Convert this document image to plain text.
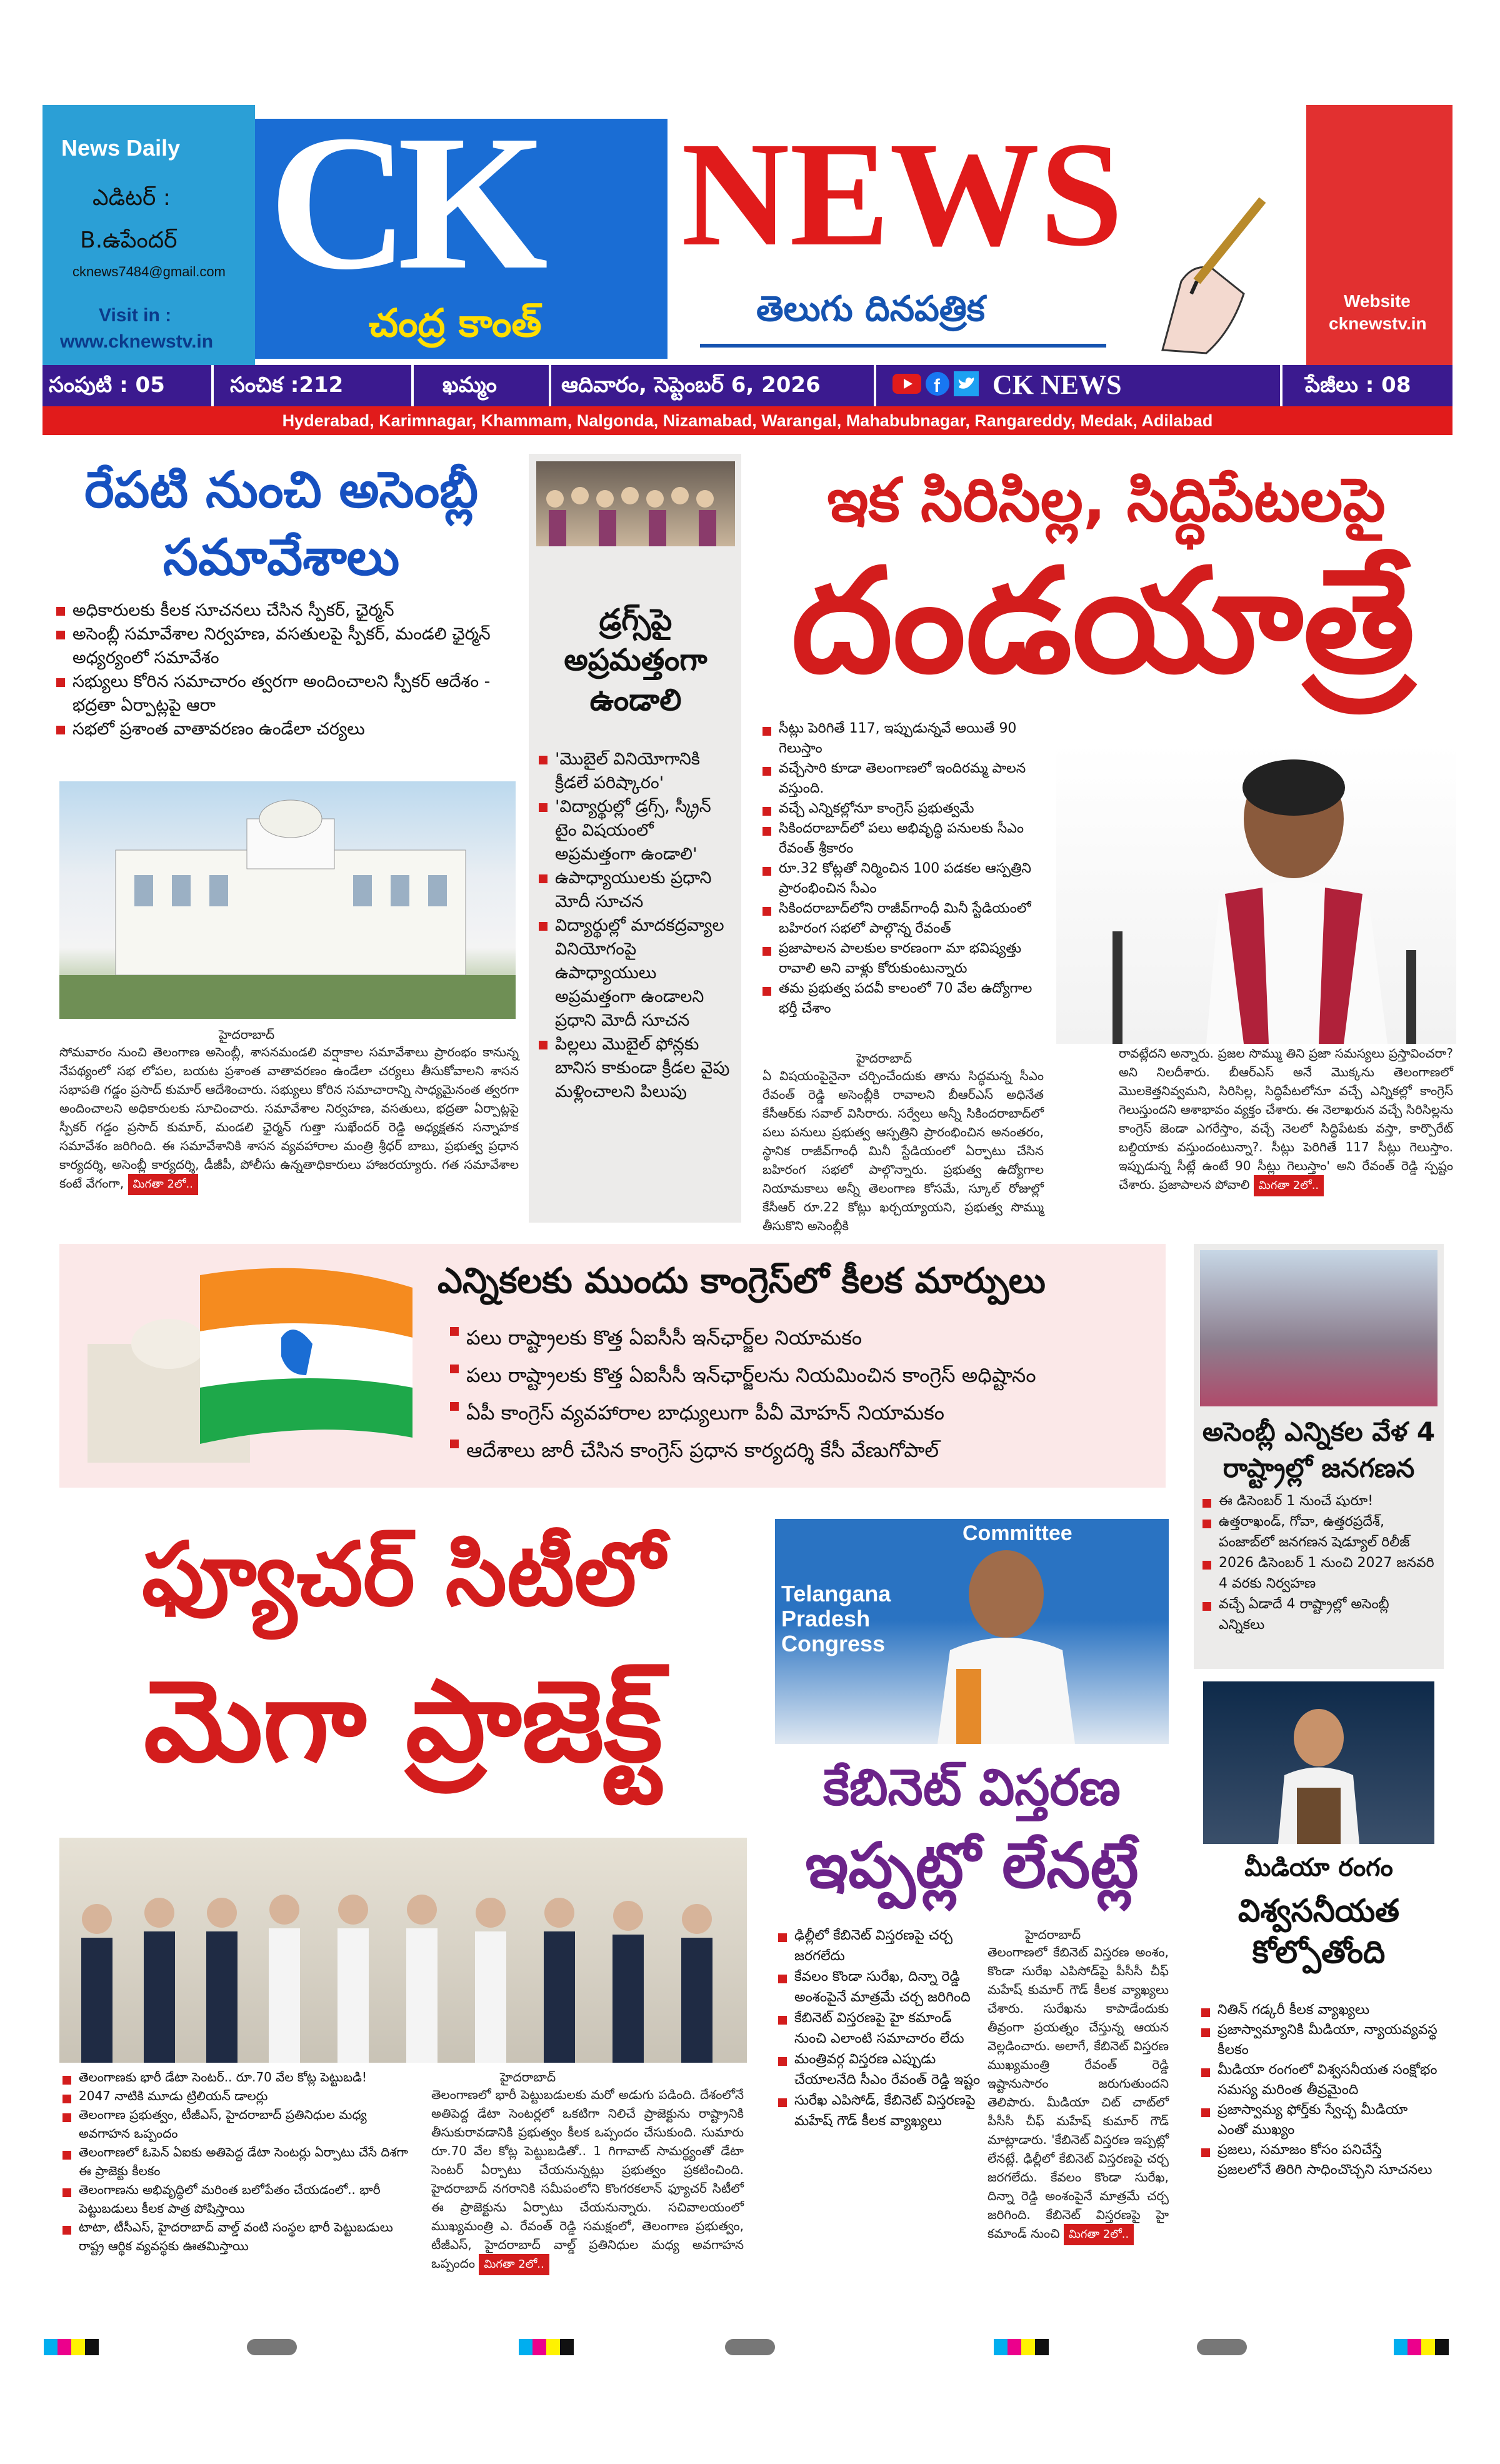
News Daily
ఎడిటర్ :
B.ఉపేందర్
cknews7484@gmail.com
Visit in :
www.cknewstv.in
CK
చంద్ర కాంత్
NEWS
తెలుగు దినపత్రిక	Website
cknewstv.in
సంపుటి : 05	సంచిక :212	ఖమ్మం	ఆదివారం, సెప్టెంబర్ 6, 2026	f CK NEWS	పేజీలు : 08
Hyderabad, Karimnagar, Khammam, Nalgonda, Nizamabad, Warangal, Mahabubnagar, Rangareddy, Medak, Adilabad
రేపటి నుంచి అసెంబ్లీ సమావేశాలు
అధికారులకు కీలక సూచనలు చేసిన స్పీకర్, ఛైర్మన్
అసెంబ్లీ సమావేశాల నిర్వహణ, వసతులపై స్పీకర్, మండలి ఛైర్మన్ అధ్యర్యంలో సమావేశం
సభ్యులు కోరిన సమాచారం త్వరగా అందించాలని స్పీకర్ ఆదేశం - భద్రతా ఏర్పాట్లపై ఆరా
సభలో ప్రశాంత వాతావరణం ఉండేలా చర్యలు
హైదరాబాద్
సోమవారం నుంచి తెలంగాణ అసెంబ్లీ, శాసనమండలి వర్షాకాల సమావేశాలు ప్రారంభం కానున్న నేపథ్యంలో సభ లోపల, బయట ప్రశాంత వాతావరణం ఉండేలా చర్యలు తీసుకోవాలని శాసన సభాపతి గడ్డం ప్రసాద్ కుమార్ ఆదేశించారు. సభ్యులు కోరిన సమాచారాన్ని సాధ్యమైనంత త్వరగా అందించాలని అధికారులకు సూచించారు. సమావేశాల నిర్వహణ, వసతులు, భద్రతా ఏర్పాట్లపై స్పీకర్ గడ్డం ప్రసాద్ కుమార్, మండలి ఛైర్మన్ గుత్తా సుఖేందర్ రెడ్డి అధ్యక్షతన సన్నాహక సమావేశం జరిగింది. ఈ సమావేశానికి శాసన వ్యవహారాల మంత్రి శ్రీధర్ బాబు, ప్రభుత్వ ప్రధాన కార్యదర్శి, అసెంబ్లీ కార్యదర్శి, డీజీపీ, పోలీసు ఉన్నతాధికారులు హాజరయ్యారు. గత సమావేశాల కంటే వేగంగా, మిగతా 2లో..
డ్రగ్స్‌పై అప్రమత్తంగా ఉండాలి
'మొబైల్ వినియోగానికి క్రీడలే పరిష్కారం'
'విద్యార్థుల్లో డ్రగ్స్, స్క్రీన్ టైం విషయంలో అప్రమత్తంగా ఉండాలి'
ఉపాధ్యాయులకు ప్రధాని మోదీ సూచన
విద్యార్థుల్లో మాదకద్రవ్యాల వినియోగంపై ఉపాధ్యాయులు అప్రమత్తంగా ఉండాలని ప్రధాని మోదీ సూచన
పిల్లలు మొబైల్ ఫోన్లకు బానిస కాకుండా క్రీడల వైపు మళ్లించాలని పిలుపు
ఇక సిరిసిల్ల, సిద్ధిపేటలపై
దండయాత్రే
సీట్లు పెరిగితే 117, ఇప్పుడున్నవే అయితే 90 గెలుస్తాం
వచ్చేసారి కూడా తెలంగాణలో ఇందిరమ్మ పాలన వస్తుంది.
వచ్చే ఎన్నికల్లోనూ కాంగ్రెస్ ప్రభుత్వమే
సికిందరాబాద్‌లో పలు అభివృద్ధి పనులకు సీఎం రేవంత్ శ్రీకారం
రూ.32 కోట్లతో నిర్మించిన 100 పడకల ఆస్పత్రిని ప్రారంభించిన సీఎం
సికిందరాబాద్‌లోని రాజీవ్‌గాంధీ మినీ స్టేడియంలో బహిరంగ సభలో పాల్గొన్న రేవంత్
ప్రజాపాలన పాలకుల కారణంగా మా భవిష్యత్తు రావాలి అని వాళ్లు కోరుకుంటున్నారు
తమ ప్రభుత్వ పదవీ కాలంలో 70 వేల ఉద్యోగాల భర్తీ చేశాం
హైదరాబాద్
ఏ విషయంపైనైనా చర్చించేందుకు తాను సిద్ధమన్న సీఎం రేవంత్ రెడ్డి అసెంబ్లీకి రావాలని బీఆర్ఎస్ అధినేత కేసీఆర్‌కు సవాల్ విసిరారు. సర్వేలు అన్నీ సికిందరాబాద్‌లో పలు పనులు ప్రభుత్వ ఆస్పత్రిని ప్రారంభించిన అనంతరం, స్థానిక రాజీవ్‌గాంధీ మినీ స్టేడియంలో ఏర్పాటు చేసిన బహిరంగ సభలో పాల్గొన్నారు. ప్రభుత్వ ఉద్యోగాల నియామకాలు అన్నీ తెలంగాణ కోసమే, స్కూల్ రోజుల్లో కేసీఆర్ రూ.22 కోట్లు ఖర్చయ్యాయని, ప్రభుత్వ సొమ్ము తీసుకొని అసెంబ్లీకి
రావట్లేదని అన్నారు. ప్రజల సొమ్ము తిని ప్రజా సమస్యలు ప్రస్తావించరా? అని నిలదీశారు. బీఆర్ఎస్ అనే మొక్కను తెలంగాణలో మొలకెత్తనివ్వమని, సిరిసిల్ల, సిద్ధిపేటలోనూ వచ్చే ఎన్నికల్లో కాంగ్రెస్ గెలుస్తుందని ఆశాభావం వ్యక్తం చేశారు. ఈ నెలాఖరున వచ్చే సిరిసిల్లను కాంగ్రెస్ జెండా ఎగరేస్తాం, వచ్చే నెలలో సిద్ధిపేటకు వస్తా, కార్పొరేట్ బల్దియాకు వస్తుందంటున్నా?. సీట్లు పెరిగితే 117 సీట్లు గెలుస్తాం. ఇప్పుడున్న సీట్లే ఉంటే 90 సీట్లు గెలుస్తాం' అని రేవంత్ రెడ్డి స్పష్టం చేశారు. ప్రజాపాలన పోవాలి మిగతా 2లో..
ఎన్నికలకు ముందు కాంగ్రెస్‌లో కీలక మార్పులు
పలు రాష్ట్రాలకు కొత్త ఏఐసీసీ ఇన్‌ఛార్జ్‌ల నియామకం
పలు రాష్ట్రాలకు కొత్త ఏఐసీసీ ఇన్‌ఛార్జ్‌లను నియమించిన కాంగ్రెస్ అధిష్టానం
ఏపీ కాంగ్రెస్ వ్యవహారాల బాధ్యులుగా పీవీ మోహన్ నియామకం
ఆదేశాలు జారీ చేసిన కాంగ్రెస్ ప్రధాన కార్యదర్శి కేసీ వేణుగోపాల్
అసెంబ్లీ ఎన్నికల వేళ 4 రాష్ట్రాల్లో జనగణన
ఈ డిసెంబర్ 1 నుంచే షురూ!
ఉత్తరాఖండ్, గోవా, ఉత్తరప్రదేశ్, పంజాబ్‌లో జనగణన షెడ్యూల్ రిలీజ్
2026 డిసెంబర్ 1 నుంచి 2027 జనవరి 4 వరకు నిర్వహణ
వచ్చే ఏడాదే 4 రాష్ట్రాల్లో అసెంబ్లీ ఎన్నికలు
ఫ్యూచర్ సిటీలో
మెగా ప్రాజెక్ట్
తెలంగాణకు భారీ డేటా సెంటర్.. రూ.70 వేల కోట్ల పెట్టుబడి!
2047 నాటికి మూడు ట్రిలియన్ డాలర్లు
తెలంగాణ ప్రభుత్వం, టీజీఎస్, హైదరాబాద్ ప్రతినిధుల మధ్య అవగాహన ఒప్పందం
తెలంగాణలో ఓపెన్ ఏఐకు అతిపెద్ద డేటా సెంటర్లు ఏర్పాటు చేసే దిశగా ఈ ప్రాజెక్టు కీలకం
తెలంగాణను అభివృద్ధిలో మరింత బలోపేతం చేయడంలో.. భారీ పెట్టుబడులు కీలక పాత్ర పోషిస్తాయి
టాటా, టీసీఎస్, హైదరాబాద్ వాల్డ్ వంటి సంస్థల భారీ పెట్టుబడులు రాష్ట్ర ఆర్థిక వ్యవస్థకు ఊతమిస్తాయి
హైదరాబాద్
తెలంగాణలో భారీ పెట్టుబడులకు మరో అడుగు పడింది. దేశంలోనే అతిపెద్ద డేటా సెంటర్లలో ఒకటిగా నిలిచే ప్రాజెక్టును రాష్ట్రానికి తీసుకురావడానికి ప్రభుత్వం కీలక ఒప్పందం చేసుకుంది. సుమారు రూ.70 వేల కోట్ల పెట్టుబడితో.. 1 గిగావాట్ సామర్థ్యంతో డేటా సెంటర్ ఏర్పాటు చేయనున్నట్లు ప్రభుత్వం ప్రకటించింది. హైదరాబాద్ నగరానికి సమీపంలోని కొంగరకలాన్ ఫ్యూచర్ సిటీలో ఈ ప్రాజెక్టును ఏర్పాటు చేయనున్నారు. సచివాలయంలో ముఖ్యమంత్రి ఎ. రేవంత్ రెడ్డి సమక్షంలో, తెలంగాణ ప్రభుత్వం, టీజీఎస్, హైదరాబాద్ వాల్డ్ ప్రతినిధుల మధ్య అవగాహన ఒప్పందం మిగతా 2లో..
Telangana
Pradesh
Congress
Committee
కేబినెట్ విస్తరణ
ఇప్పట్లో లేనట్లే
ఢిల్లీలో కేబినెట్ విస్తరణపై చర్చ జరగలేదు
కేవలం కొండా సురేఖ, దిన్నా రెడ్డి అంశంపైనే మాత్రమే చర్చ జరిగింది
కేబినెట్ విస్తరణపై హై కమాండ్ నుంచి ఎలాంటి సమాచారం లేదు
మంత్రివర్గ విస్తరణ ఎప్పుడు చేయాలనేది సీఎం రేవంత్ రెడ్డి ఇష్టం
సురేఖ ఎపిసోడ్, కేబినెట్ విస్తరణపై మహేష్ గౌడ్ కీలక వ్యాఖ్యలు
హైదరాబాద్
తెలంగాణలో కేబినెట్ విస్తరణ అంశం, కొండా సురేఖ ఎపిసోడ్‌పై పీసీసీ చీఫ్ మహేష్ కుమార్ గౌడ్ కీలక వ్యాఖ్యలు చేశారు. సురేఖను కాపాడేందుకు తీవ్రంగా ప్రయత్నం చేస్తున్న ఆయన వెల్లడించారు. అలాగే, కేబినెట్ విస్తరణ ముఖ్యమంత్రి రేవంత్ రెడ్డి ఇష్టానుసారం జరుగుతుందని తెలిపారు. మీడియా చిట్ చాట్‌లో పీసీసీ చీఫ్ మహేష్ కుమార్ గౌడ్ మాట్లాడారు. 'కేబినెట్ విస్తరణ ఇప్పట్లో లేనట్లే. ఢిల్లీలో కేబినెట్ విస్తరణపై చర్చ జరగలేదు. కేవలం కొండా సురేఖ, దిన్నా రెడ్డి అంశంపైనే మాత్రమే చర్చ జరిగింది. కేబినెట్ విస్తరణపై హై కమాండ్ నుంచి మిగతా 2లో..
మీడియా రంగం
విశ్వసనీయత కోల్పోతోంది
నితిన్ గడ్కరీ కీలక వ్యాఖ్యలు
ప్రజాస్వామ్యానికి మీడియా, న్యాయవ్యవస్థ కీలకం
మీడియా రంగంలో విశ్వసనీయత సంక్షోభం సమస్య మరింత తీవ్రమైంది
ప్రజాస్వామ్య ఫోర్త్‌కు స్వేచ్ఛ మీడియా ఎంతో ముఖ్యం
ప్రజలు, సమాజం కోసం పనిచేస్తే ప్రజలలోనే తిరిగి సాధించొచ్చని సూచనలు
